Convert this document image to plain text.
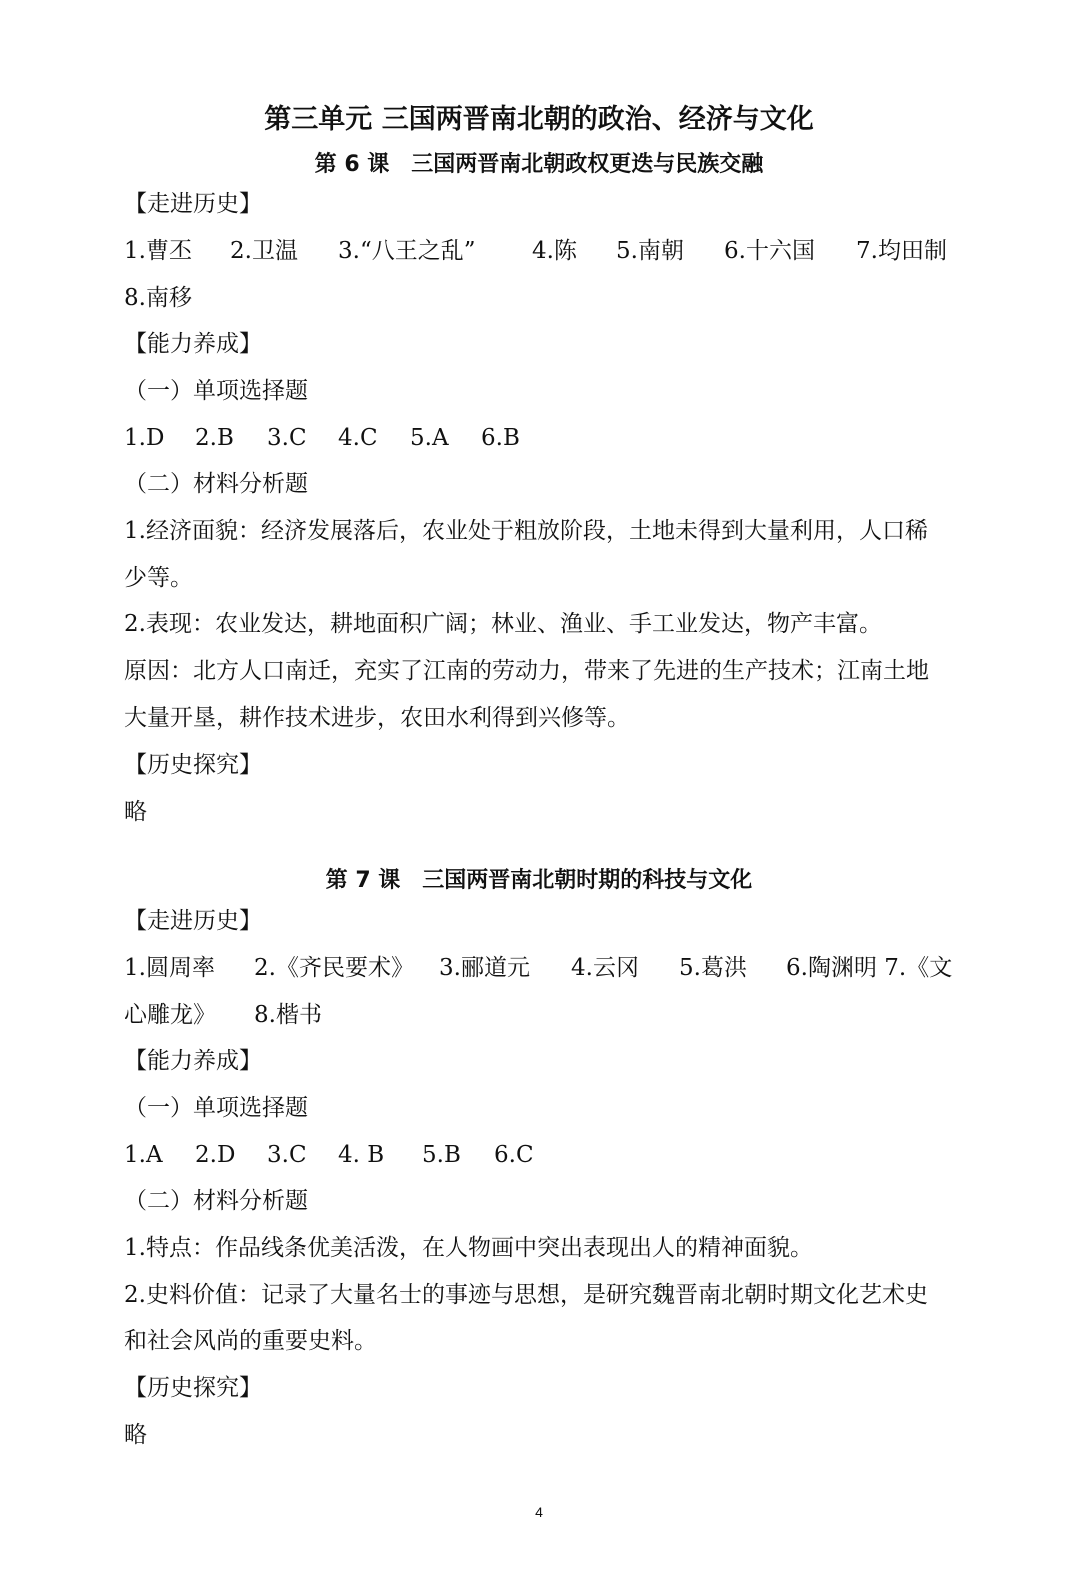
第三单元 三国两晋南北朝的政治、经济与文化
第 6 课　三国两晋南北朝政权更迭与民族交融
【走进历史】
1.曹丕 2.卫温 3.“八王之乱” 4.陈 5.南朝 6.十六国 7.均田制
8.南移
【能力养成】
（一）单项选择题
1.D 2.B 3.C 4.C 5.A 6.B
（二）材料分析题
1.经济面貌：经济发展落后，农业处于粗放阶段，土地未得到大量利用，人口稀
少等。
2.表现：农业发达，耕地面积广阔；林业、渔业、手工业发达，物产丰富。
原因：北方人口南迁，充实了江南的劳动力，带来了先进的生产技术；江南土地
大量开垦，耕作技术进步，农田水利得到兴修等。
【历史探究】
略
第 7 课　三国两晋南北朝时期的科技与文化
【走进历史】
1.圆周率 2.《齐民要术》 3.郦道元 4.云冈 5.葛洪 6.陶渊明 7.《文
心雕龙》 8.楷书
【能力养成】
（一）单项选择题
1.A 2.D 3.C 4. B 5.B 6.C
（二）材料分析题
1.特点：作品线条优美活泼，在人物画中突出表现出人的精神面貌。
2.史料价值：记录了大量名士的事迹与思想，是研究魏晋南北朝时期文化艺术史
和社会风尚的重要史料。
【历史探究】
略
4
